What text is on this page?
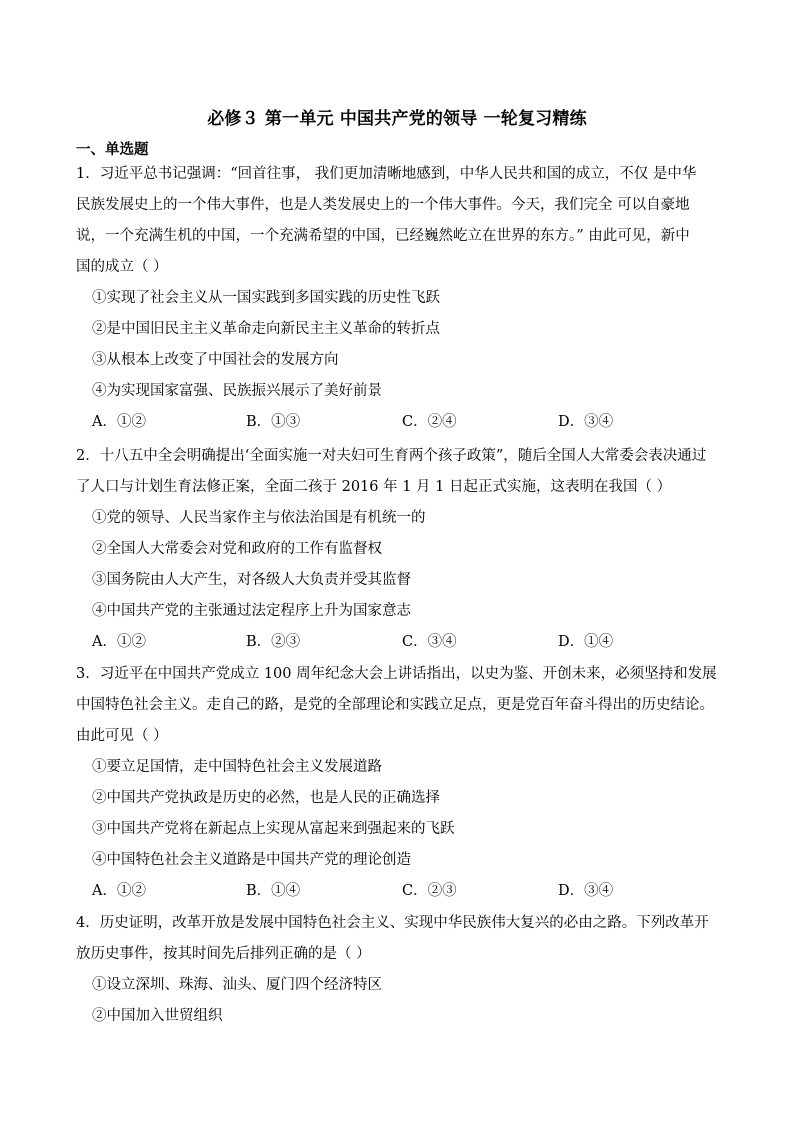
必修３ 第一单元 中国共产党的领导 一轮复习精练
一、单选题
1．习近平总书记强调：“回首往事， 我们更加清晰地感到，中华人民共和国的成立，不仅 是中华
民族发展史上的一个伟大事件，也是人类发展史上的一个伟大事件。今天，我们完全 可以自豪地
说，一个充满生机的中国，一个充满希望的中国，已经巍然屹立在世界的东方。” 由此可见，新中
国的成立（ ）
①实现了社会主义从一国实践到多国实践的历史性飞跃
②是中国旧民主主义革命走向新民主主义革命的转折点
③从根本上改变了中国社会的发展方向
④为实现国家富强、民族振兴展示了美好前景
A．①②	B．①③	C．②④	D．③④
2．十八五中全会明确提出‘全面实施一对夫妇可生育两个孩子政策”，随后全国人大常委会表决通过
了人口与计划生育法修正案，全面二孩于 2016 年 1 月 1 日起正式实施，这表明在我国（ ）
①党的领导、人民当家作主与依法治国是有机统一的
②全国人大常委会对党和政府的工作有监督权
③国务院由人大产生，对各级人大负责并受其监督
④中国共产党的主张通过法定程序上升为国家意志
A．①②	B．②③	C．③④	D．①④
3．习近平在中国共产党成立 100 周年纪念大会上讲话指出，以史为鉴、开创未来，必须坚持和发展
中国特色社会主义。走自己的路，是党的全部理论和实践立足点，更是党百年奋斗得出的历史结论。
由此可见（ ）
①要立足国情，走中国特色社会主义发展道路
②中国共产党执政是历史的必然，也是人民的正确选择
③中国共产党将在新起点上实现从富起来到强起来的飞跃
④中国特色社会主义道路是中国共产党的理论创造
A．①②	B．①④	C．②③	D．③④
4．历史证明，改革开放是发展中国特色社会主义、实现中华民族伟大复兴的必由之路。下列改革开
放历史事件，按其时间先后排列正确的是（ ）
①设立深圳、珠海、汕头、厦门四个经济特区
②中国加入世贸组织
